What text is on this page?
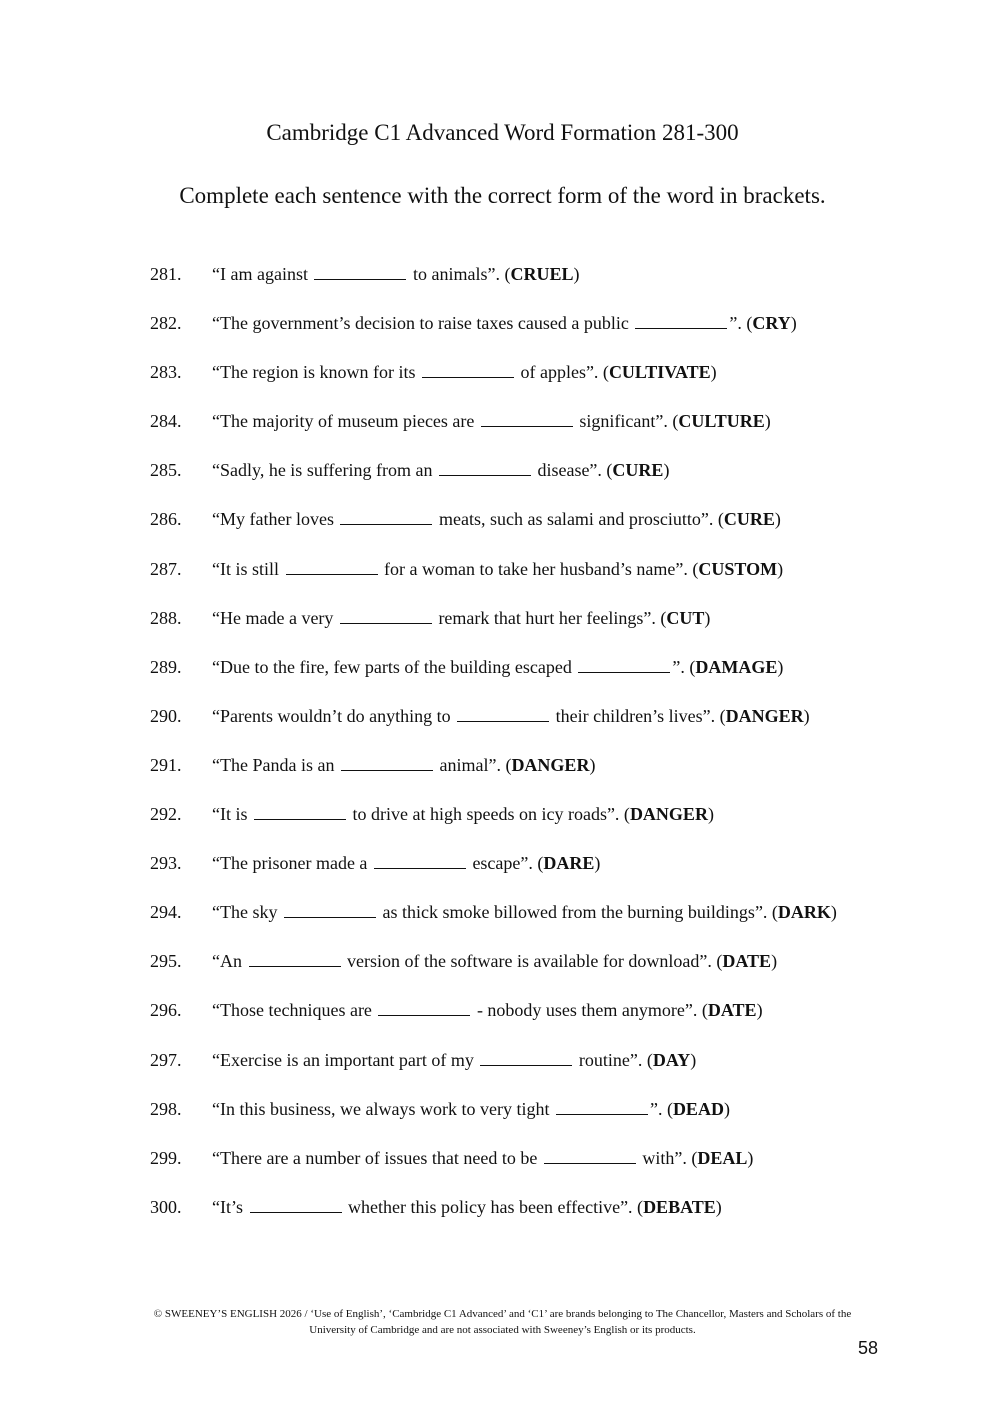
Cambridge C1 Advanced Word Formation 281-300

Complete each sentence with the correct form of the word in brackets.

281. “I am against	to animals”. (CRUEL)
282. “The government’s decision to raise taxes caused a public	”. (CRY)
283. “The region is known for its	of apples”. (CULTIVATE)
284. “The majority of museum pieces are	significant”. (CULTURE)
285. “Sadly, he is suffering from an	disease”. (CURE)
286. “My father loves	meats, such as salami and prosciutto”. (CURE)
287. “It is still	for a woman to take her husband’s name”. (CUSTOM)
288. “He made a very	remark that hurt her feelings”. (CUT)
289. “Due to the fire, few parts of the building escaped	”. (DAMAGE)
290. “Parents wouldn’t do anything to	their children’s lives”. (DANGER)
291. “The Panda is an	animal”. (DANGER)
292. “It is	to drive at high speeds on icy roads”. (DANGER)
293. “The prisoner made a	escape”. (DARE)
294. “The sky	as thick smoke billowed from the burning buildings”. (DARK)
295. “An	version of the software is available for download”. (DATE)
296. “Those techniques are	- nobody uses them anymore”. (DATE)
297. “Exercise is an important part of my	routine”. (DAY)
298. “In this business, we always work to very tight	”. (DEAD)
299. “There are a number of issues that need to be	with”. (DEAL)
300. “It’s	whether this policy has been effective”. (DEBATE)
© SWEENEY’S ENGLISH 2026 / ‘Use of English’, ‘Cambridge C1 Advanced’ and ‘C1’ are brands belonging to The Chancellor, Masters and Scholars of the
University of Cambridge and are not associated with Sweeney’s English or its products.
58
